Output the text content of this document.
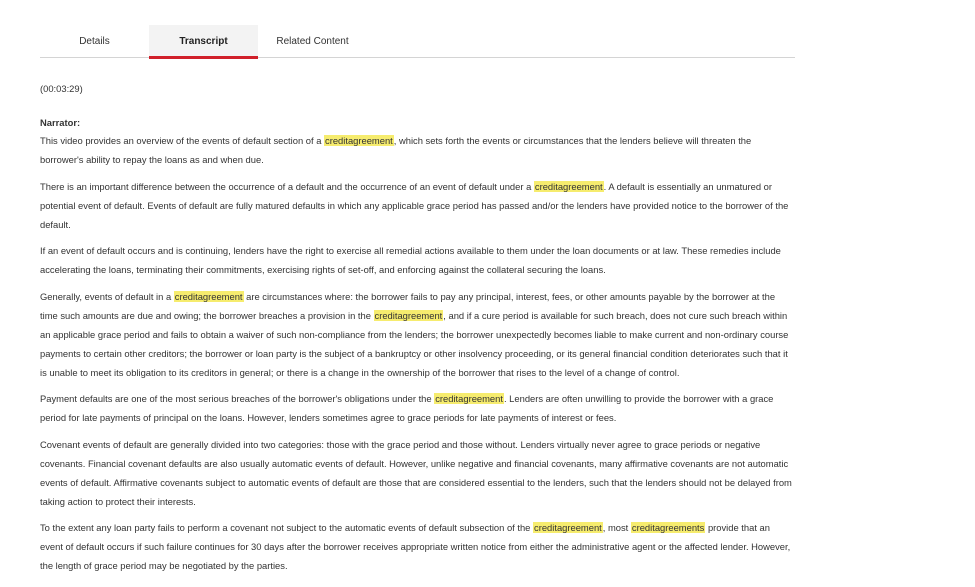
Details	Transcript	Related Content
(00:03:29)
Narrator:

This video provides an overview of the events of default section of a creditagreement, which sets forth the events or circumstances that the lenders believe will threaten the borrower's ability to repay the loans as and when due.

There is an important difference between the occurrence of a default and the occurrence of an event of default under a creditagreement. A default is essentially an unmatured or potential event of default. Events of default are fully matured defaults in which any applicable grace period has passed and/or the lenders have provided notice to the borrower of the default.

If an event of default occurs and is continuing, lenders have the right to exercise all remedial actions available to them under the loan documents or at law. These remedies include accelerating the loans, terminating their commitments, exercising rights of set-off, and enforcing against the collateral securing the loans.

Generally, events of default in a creditagreement are circumstances where: the borrower fails to pay any principal, interest, fees, or other amounts payable by the borrower at the time such amounts are due and owing; the borrower breaches a provision in the creditagreement, and if a cure period is available for such breach, does not cure such breach within an applicable grace period and fails to obtain a waiver of such non-compliance from the lenders; the borrower unexpectedly becomes liable to make current and non-ordinary course payments to certain other creditors; the borrower or loan party is the subject of a bankruptcy or other insolvency proceeding, or its general financial condition deteriorates such that it is unable to meet its obligation to its creditors in general; or there is a change in the ownership of the borrower that rises to the level of a change of control.

Payment defaults are one of the most serious breaches of the borrower's obligations under the creditagreement. Lenders are often unwilling to provide the borrower with a grace period for late payments of principal on the loans. However, lenders sometimes agree to grace periods for late payments of interest or fees.

Covenant events of default are generally divided into two categories: those with the grace period and those without. Lenders virtually never agree to grace periods or negative covenants. Financial covenant defaults are also usually automatic events of default. However, unlike negative and financial covenants, many affirmative covenants are not automatic events of default. Affirmative covenants subject to automatic events of default are those that are considered essential to the lenders, such that the lenders should not be delayed from taking action to protect their interests.

To the extent any loan party fails to perform a covenant not subject to the automatic events of default subsection of the creditagreement, most creditagreements provide that an event of default occurs if such failure continues for 30 days after the borrower receives appropriate written notice from either the administrative agent or the affected lender. However, the length of grace period may be negotiated by the parties.
